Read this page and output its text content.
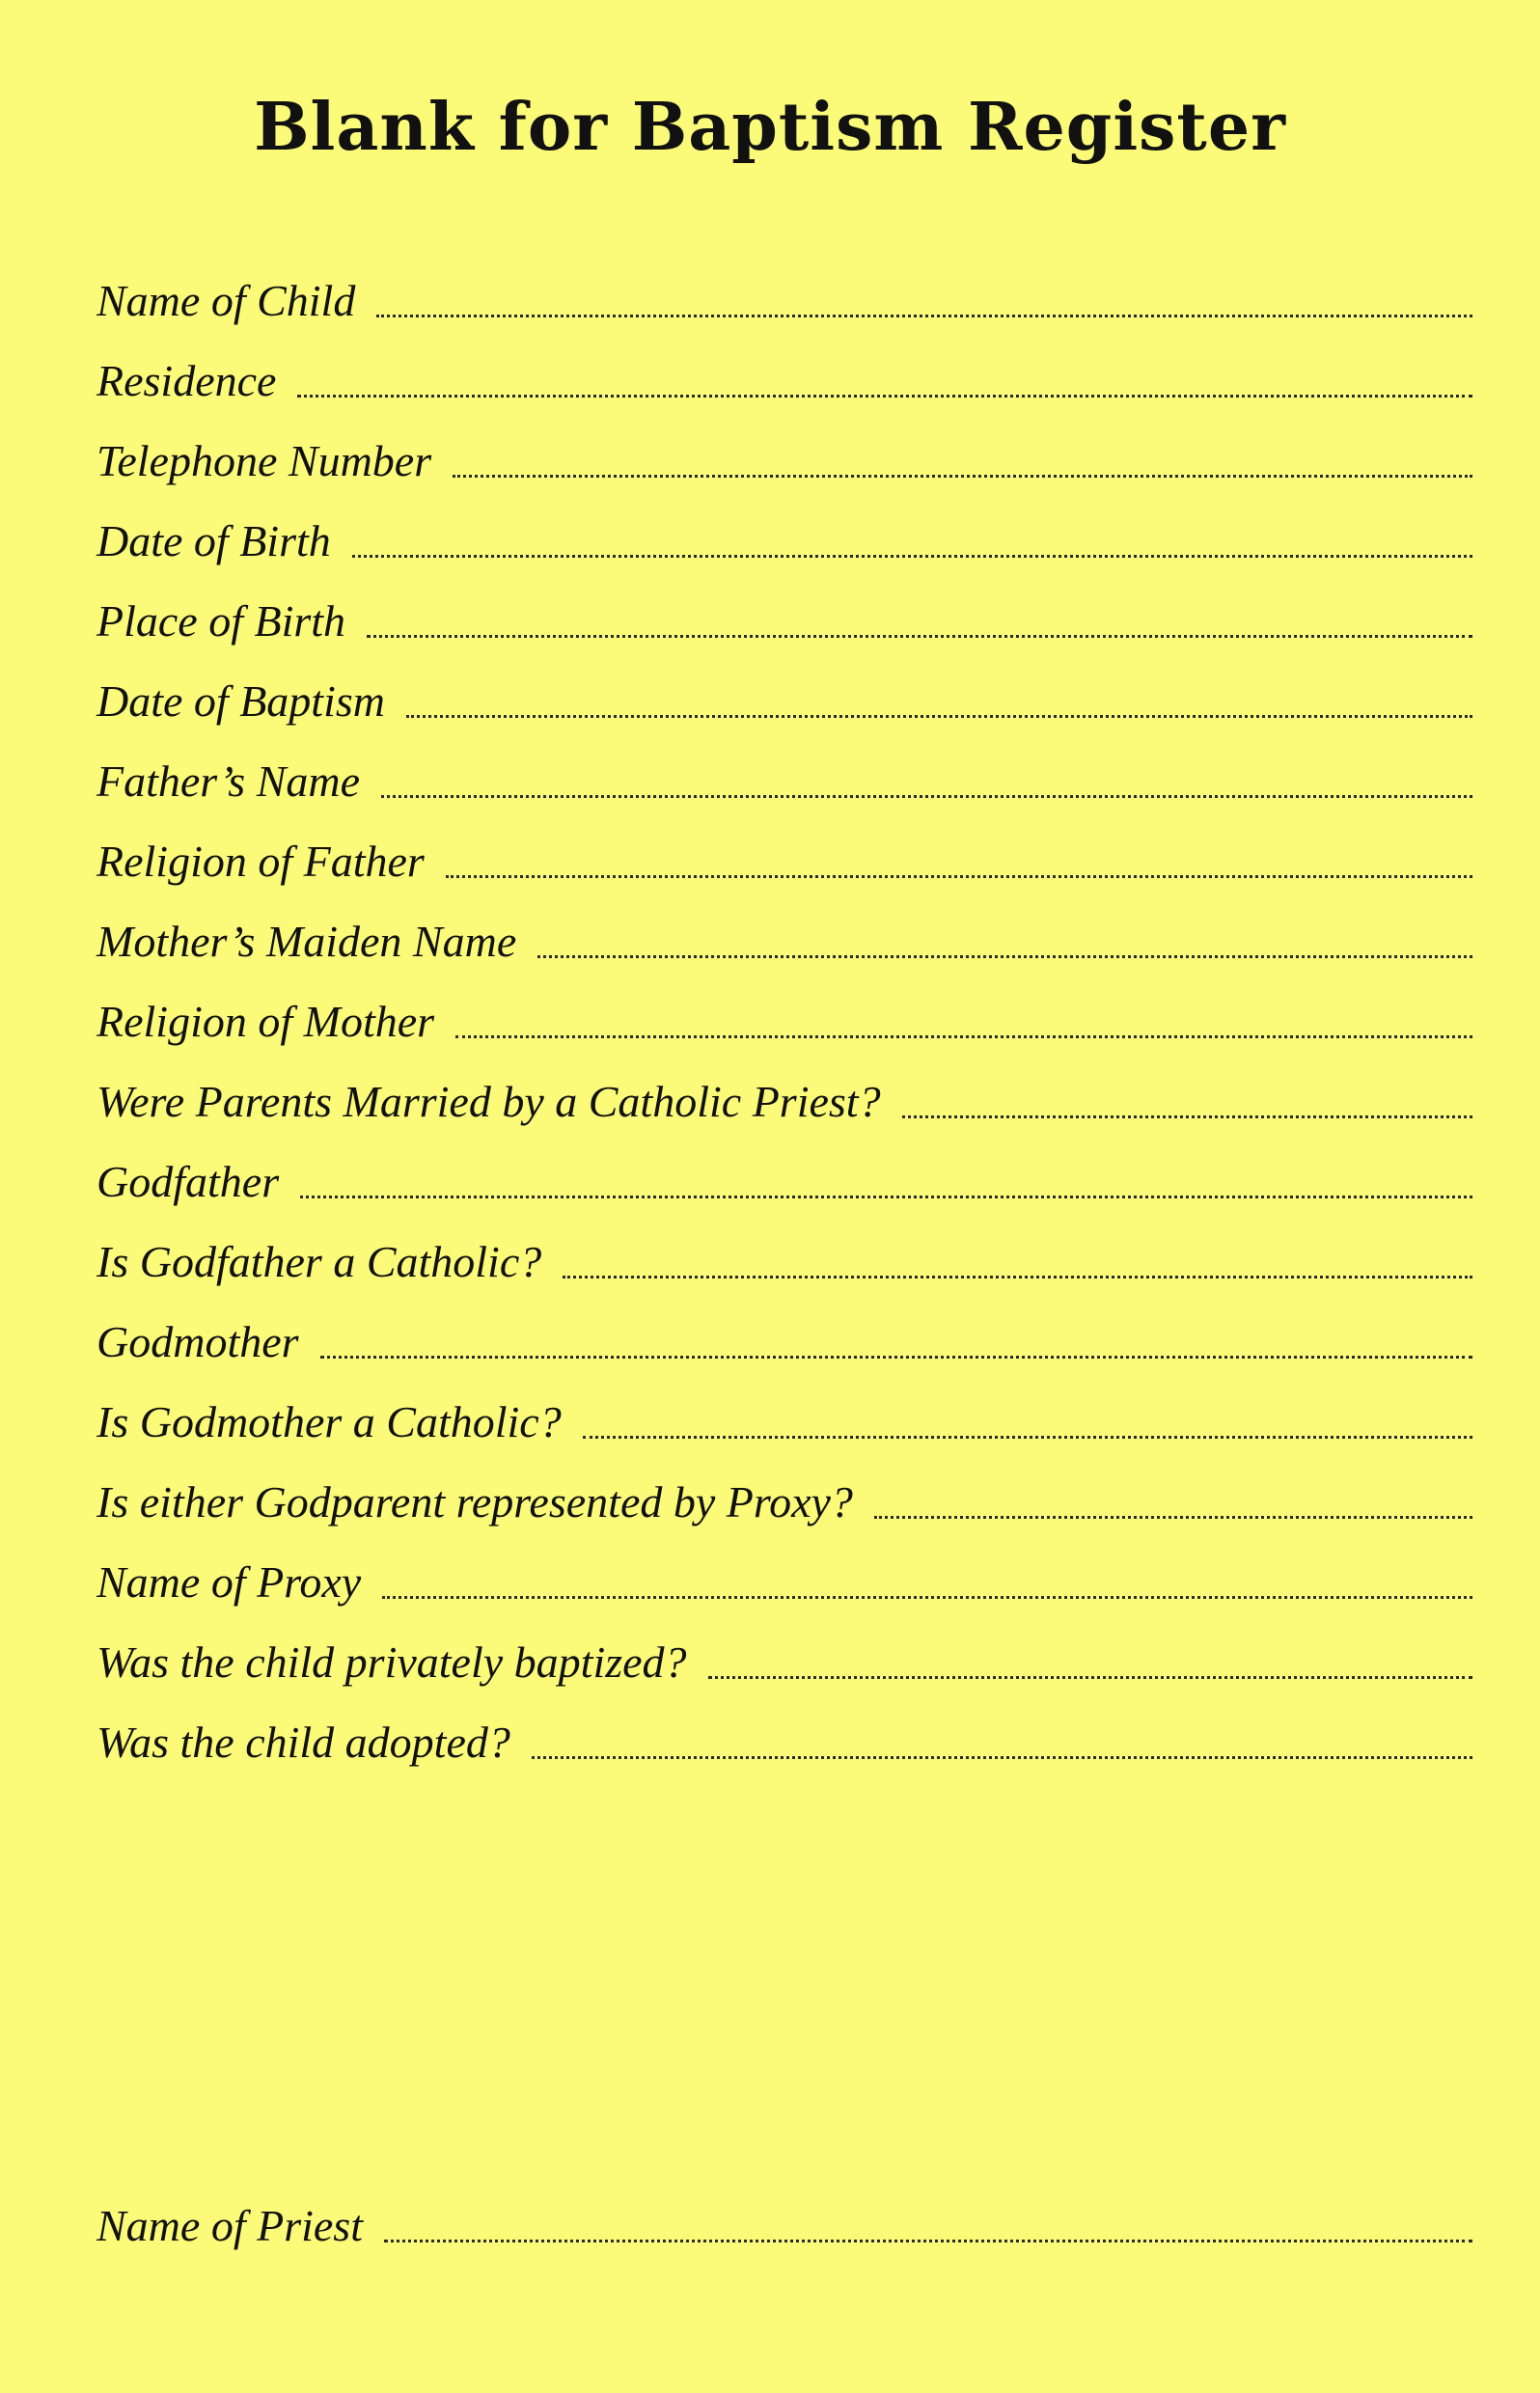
Blank for Baptism Register
Name of Child
Residence
Telephone Number
Date of Birth
Place of Birth
Date of Baptism
Father’s Name
Religion of Father
Mother’s Maiden Name
Religion of Mother
Were Parents Married by a Catholic Priest?
Godfather
Is Godfather a Catholic?
Godmother
Is Godmother a Catholic?
Is either Godparent represented by Proxy?
Name of Proxy
Was the child privately baptized?
Was the child adopted?
Name of Priest
